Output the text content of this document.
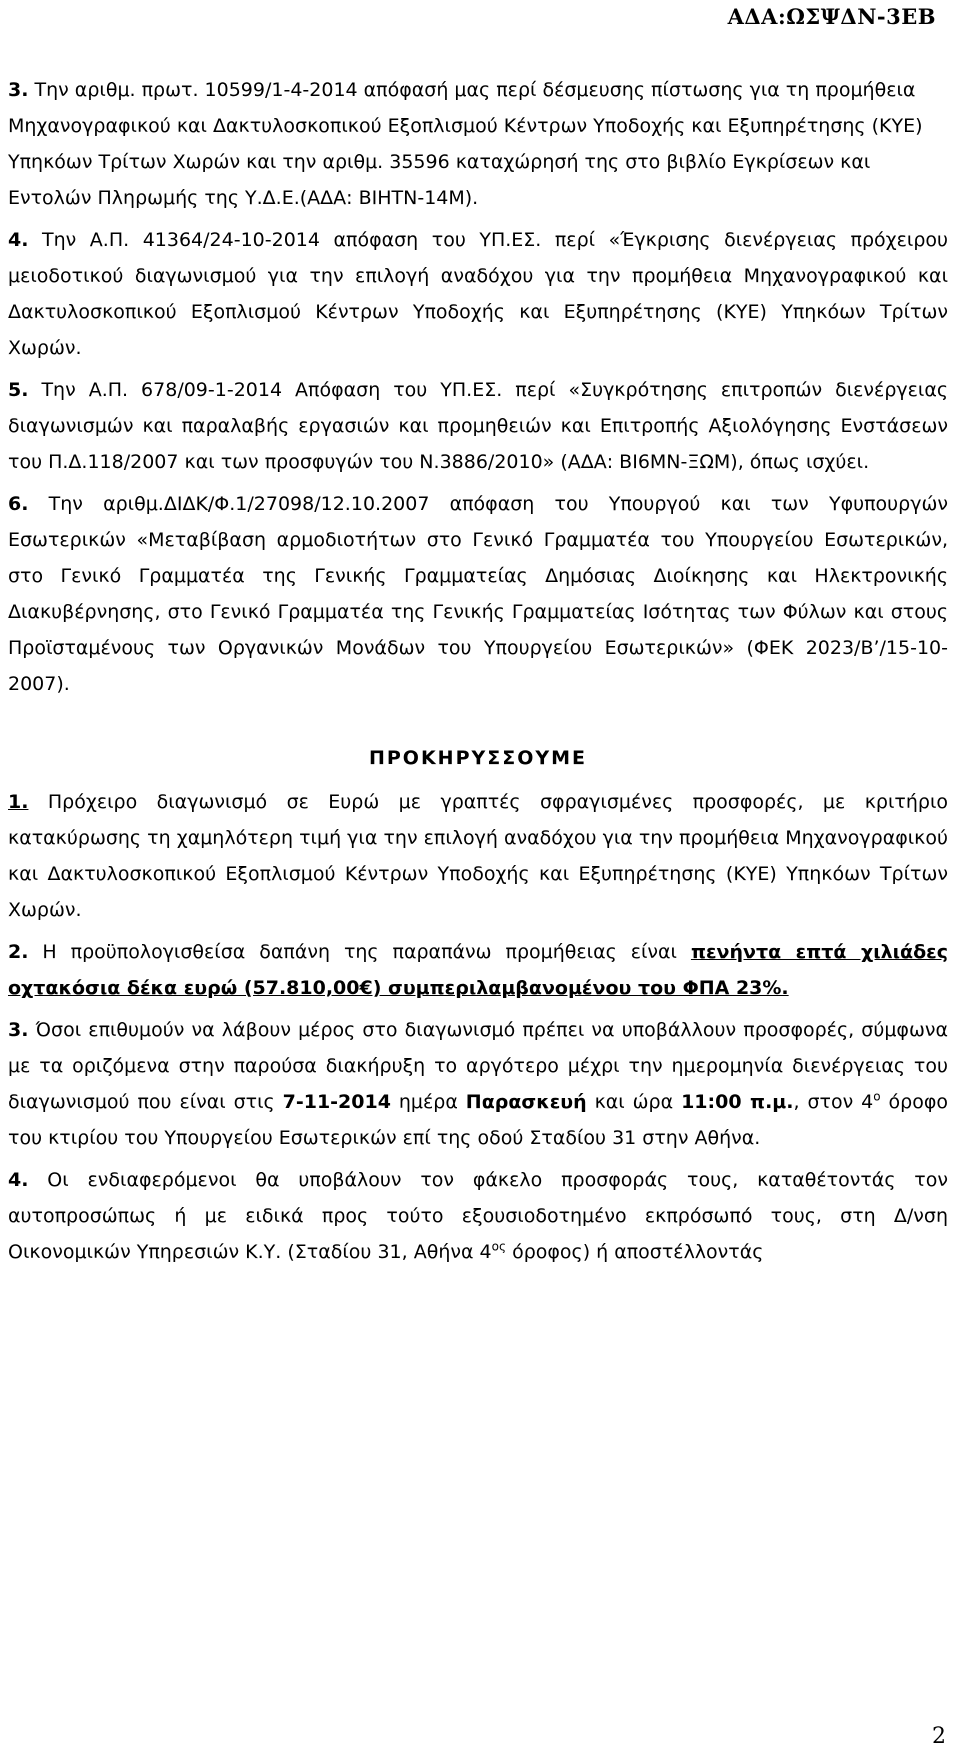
ΑΔΑ:ΩΣΨΔΝ-3ΕΒ

3. Την αριθμ. πρωτ. 10599/1-4-2014 απόφασή μας περί δέσμευσης πίστωσης για τη προμήθεια Μηχανογραφικού και Δακτυλοσκοπικού Εξοπλισμού Κέντρων Υποδοχής και Εξυπηρέτησης (ΚΥΕ) Υπηκόων Τρίτων Χωρών και την αριθμ. 35596 καταχώρησή της στο βιβλίο Εγκρίσεων και Εντολών Πληρωμής της Υ.Δ.Ε.(ΑΔΑ: ΒΙΗΤΝ-14Μ).

4. Την Α.Π. 41364/24-10-2014 απόφαση του ΥΠ.ΕΣ. περί «Έγκρισης διενέργειας πρόχειρου μειοδοτικού διαγωνισμού για την επιλογή αναδόχου για την προμήθεια Μηχανογραφικού και Δακτυλοσκοπικού Εξοπλισμού Κέντρων Υποδοχής και Εξυπηρέτησης (ΚΥΕ) Υπηκόων Τρίτων Χωρών.

5. Την Α.Π. 678/09-1-2014 Απόφαση του ΥΠ.ΕΣ. περί «Συγκρότησης επιτροπών διενέργειας διαγωνισμών και παραλαβής εργασιών και προμηθειών και Επιτροπής Αξιολόγησης Ενστάσεων του Π.Δ.118/2007 και των προσφυγών του Ν.3886/2010» (ΑΔΑ: ΒΙ6ΜΝ-ΞΩΜ), όπως ισχύει.

6. Την αριθμ.ΔΙΔΚ/Φ.1/27098/12.10.2007 απόφαση του Υπουργού και των Υφυπουργών Εσωτερικών «Μεταβίβαση αρμοδιοτήτων στο Γενικό Γραμματέα του Υπουργείου Εσωτερικών, στο Γενικό Γραμματέα της Γενικής Γραμματείας Δημόσιας Διοίκησης και Ηλεκτρονικής Διακυβέρνησης, στο Γενικό Γραμματέα της Γενικής Γραμματείας Ισότητας των Φύλων και στους Προϊσταμένους των Οργανικών Μονάδων του Υπουργείου Εσωτερικών» (ΦΕΚ 2023/Β’/15-10-2007).

ΠΡΟΚΗΡΥΣΣΟΥΜΕ

1. Πρόχειρο διαγωνισμό σε Ευρώ με γραπτές σφραγισμένες προσφορές, με κριτήριο κατακύρωσης τη χαμηλότερη τιμή για την επιλογή αναδόχου για την προμήθεια Μηχανογραφικού και Δακτυλοσκοπικού Εξοπλισμού Κέντρων Υποδοχής και Εξυπηρέτησης (ΚΥΕ) Υπηκόων Τρίτων Χωρών.

2. Η προϋπολογισθείσα δαπάνη της παραπάνω προμήθειας είναι πενήντα επτά χιλιάδες οχτακόσια δέκα ευρώ (57.810,00€) συμπεριλαμβανομένου του ΦΠΑ 23%.

3. Όσοι επιθυμούν να λάβουν μέρος στο διαγωνισμό πρέπει να υποβάλλουν προσφορές, σύμφωνα με τα οριζόμενα στην παρούσα διακήρυξη το αργότερο μέχρι την ημερομηνία διενέργειας του διαγωνισμού που είναι στις 7-11-2014 ημέρα Παρασκευή και ώρα 11:00 π.μ., στον $4^o$ όροφο του κτιρίου του Υπουργείου Εσωτερικών επί της οδού Σταδίου 31 στην Αθήνα.

4. Οι ενδιαφερόμενοι θα υποβάλουν τον φάκελο προσφοράς τους, καταθέτοντάς τον αυτοπροσώπως ή με ειδικά προς τούτο εξουσιοδοτημένο εκπρόσωπό τους, στη Δ/νση Οικονομικών Υπηρεσιών Κ.Υ. (Σταδίου 31, Αθήνα $4^{o\varsigma}$ όροφος) ή αποστέλλοντάς

2
